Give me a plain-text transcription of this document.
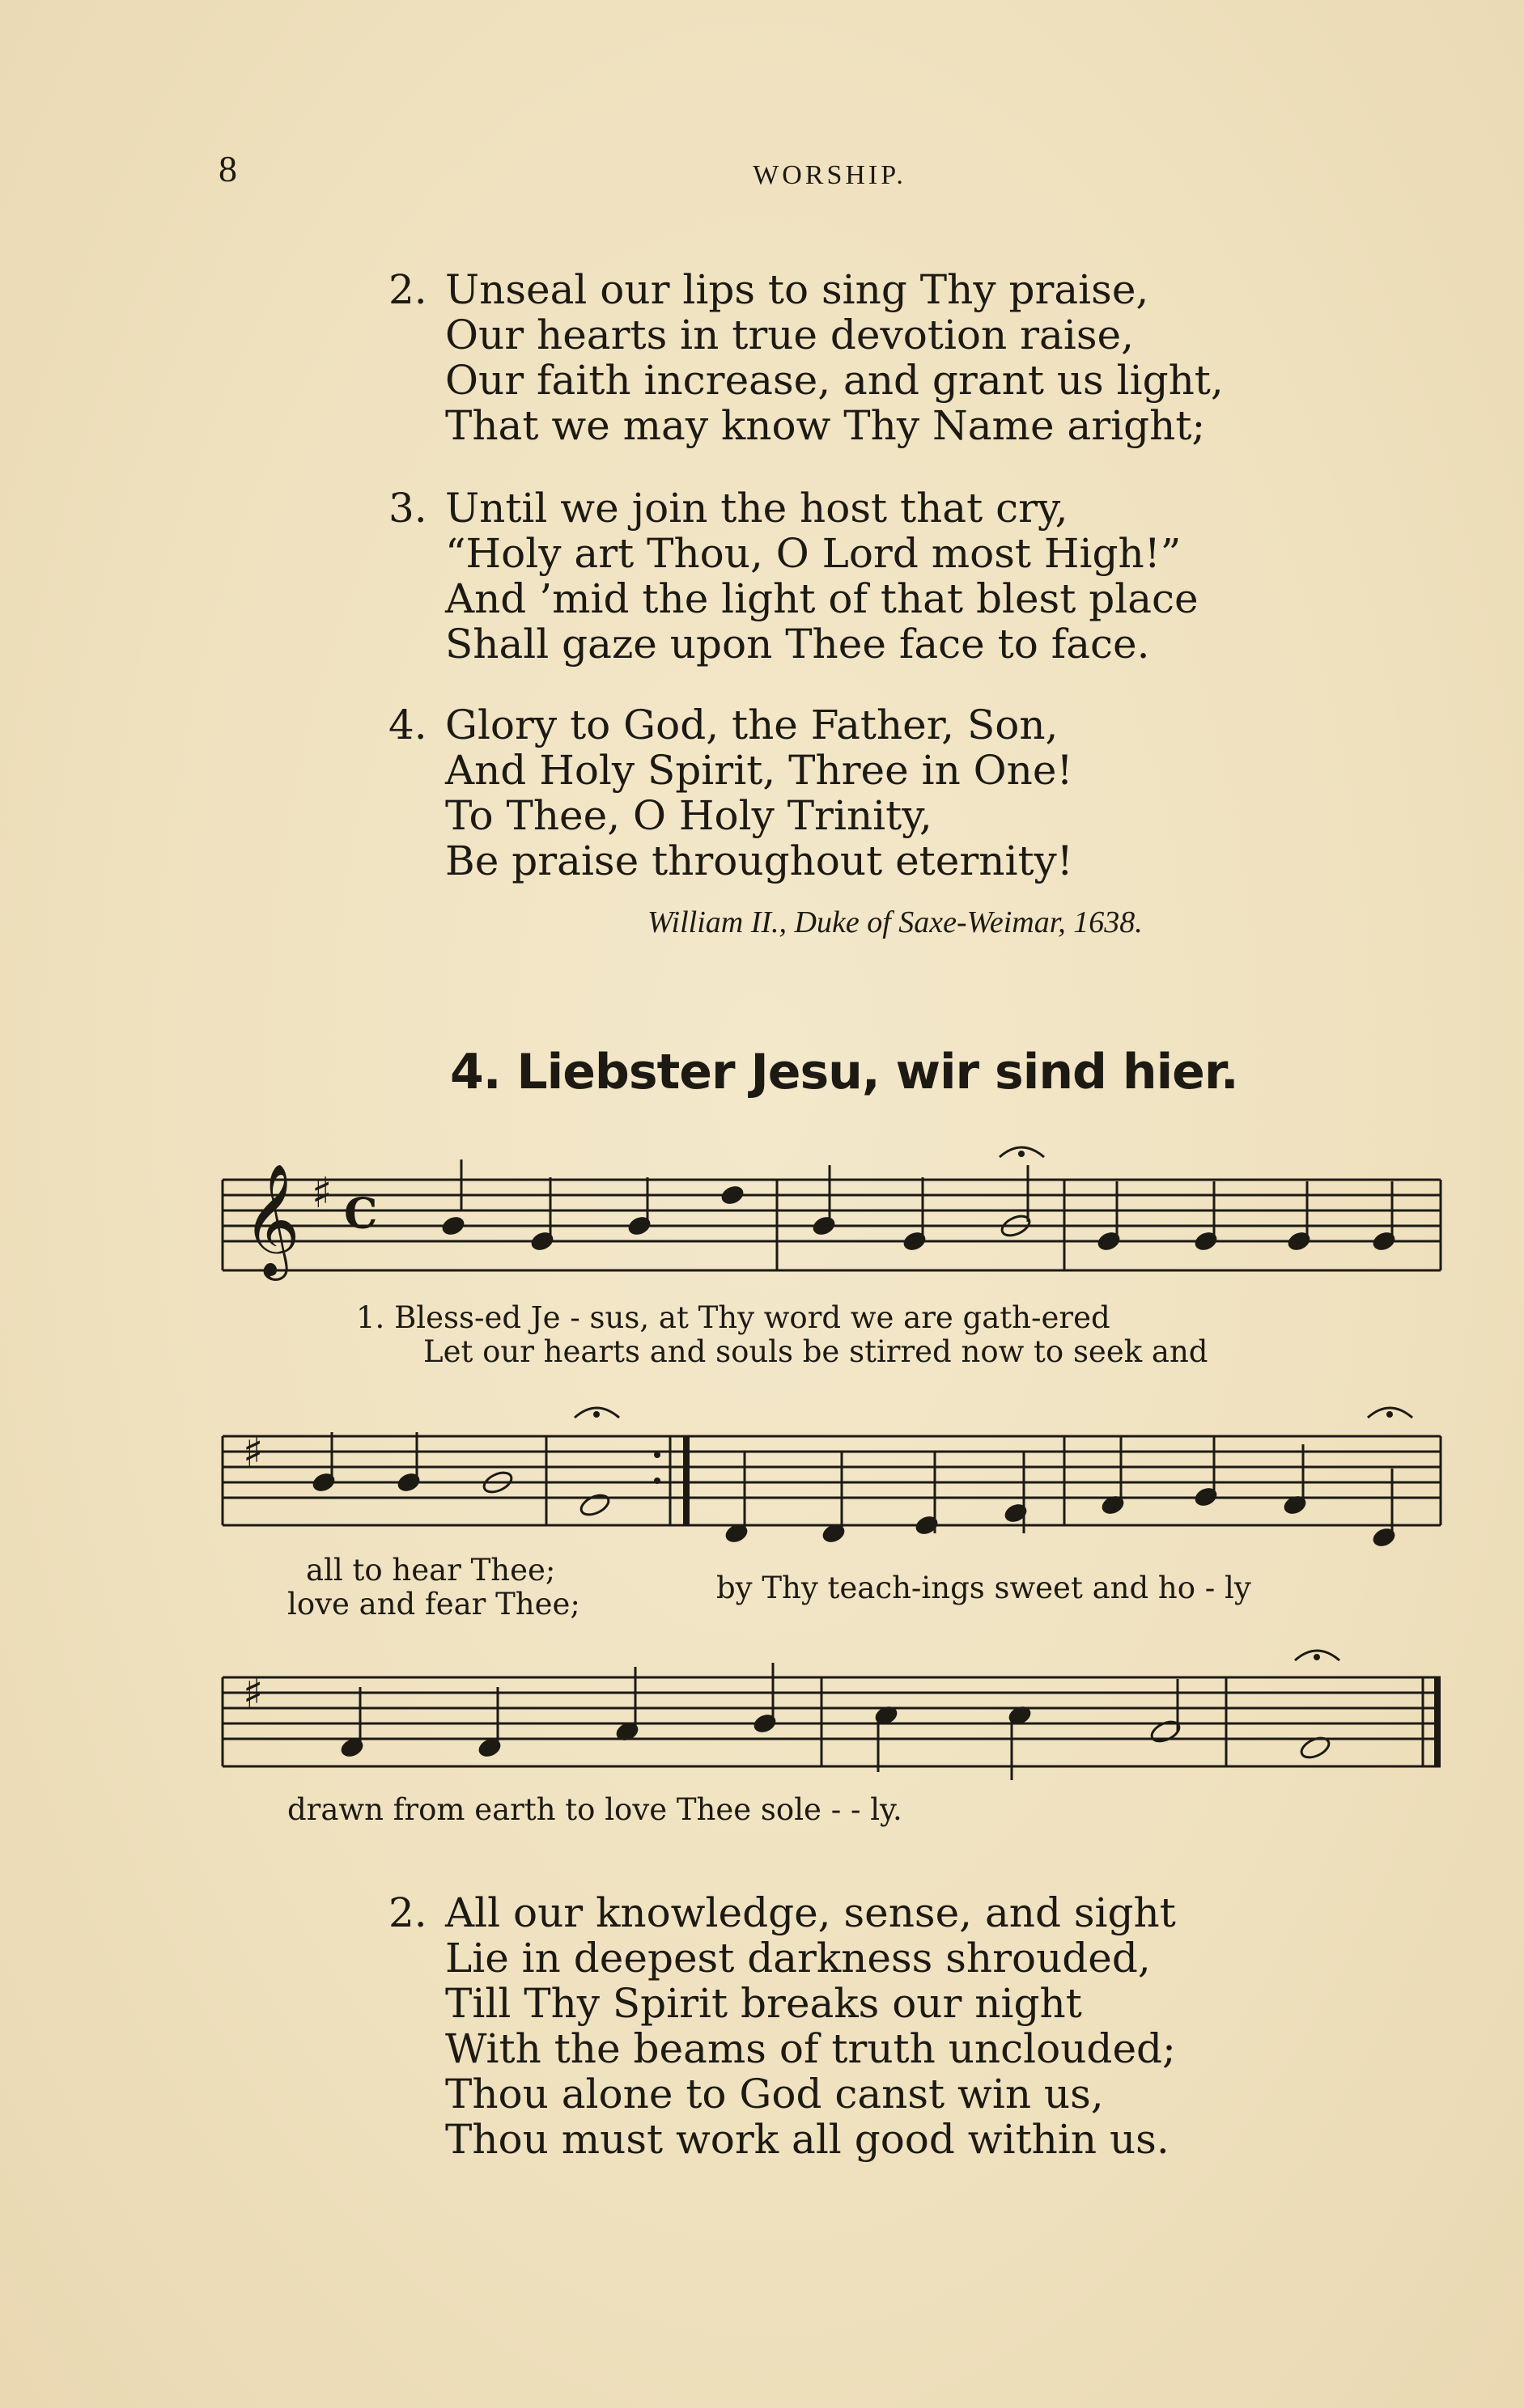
8	WORSHIP.
2. Unseal our lips to sing Thy praise,
Our hearts in true devotion raise,
Our faith increase, and grant us light,
That we may know Thy Name aright;
3. Until we join the host that cry,
“Holy art Thou, O Lord most High!”
And ’mid the light of that blest place
Shall gaze upon Thee face to face.
4. Glory to God, the Father, Son,
And Holy Spirit, Three in One!
To Thee, O Holy Trinity,
Be praise throughout eternity!
William II., Duke of Saxe-Weimar, 1638.
4. Liebster Jesu, wir sind hier.
𝄞 ♯ C
♯
♯
1. Bless-ed Je - sus, at Thy word we are gath-ered
Let our hearts and souls be stirred now to seek and
all to hear Thee;
love and fear Thee;	by Thy teach-ings sweet and ho - ly
drawn from earth to love Thee sole - - ly.
2. All our knowledge, sense, and sight
Lie in deepest darkness shrouded,
Till Thy Spirit breaks our night
With the beams of truth unclouded;
Thou alone to God canst win us,
Thou must work all good within us.
